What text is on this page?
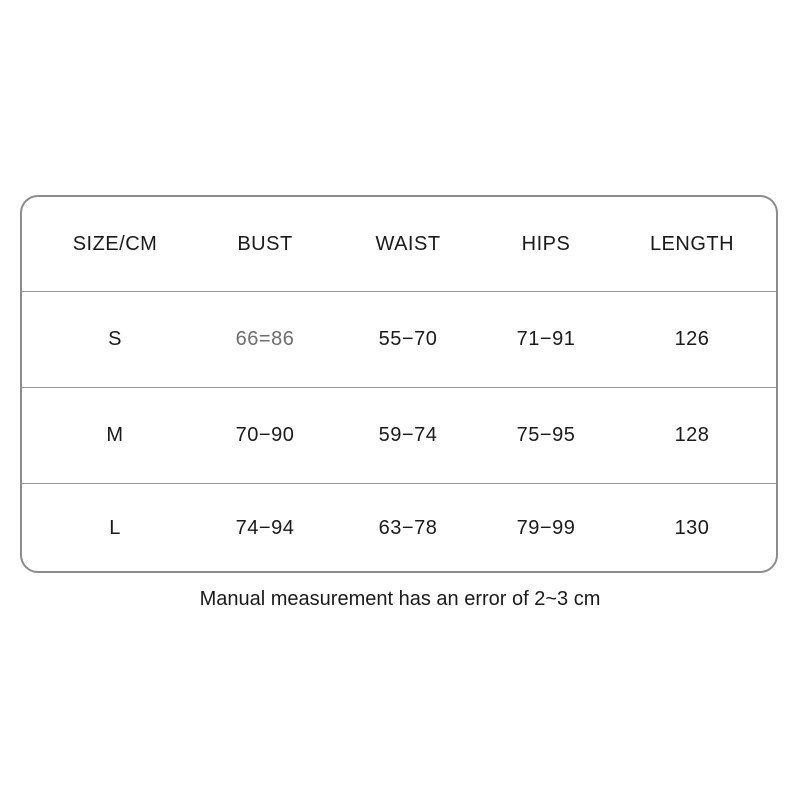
SIZE/CM	BUST	WAIST	HIPS	LENGTH
S	66=86	55−70	71−91	126
M	70−90	59−74	75−95	128
L	74−94	63−78	79−99	130
Manual measurement has an error of 2~3 cm
